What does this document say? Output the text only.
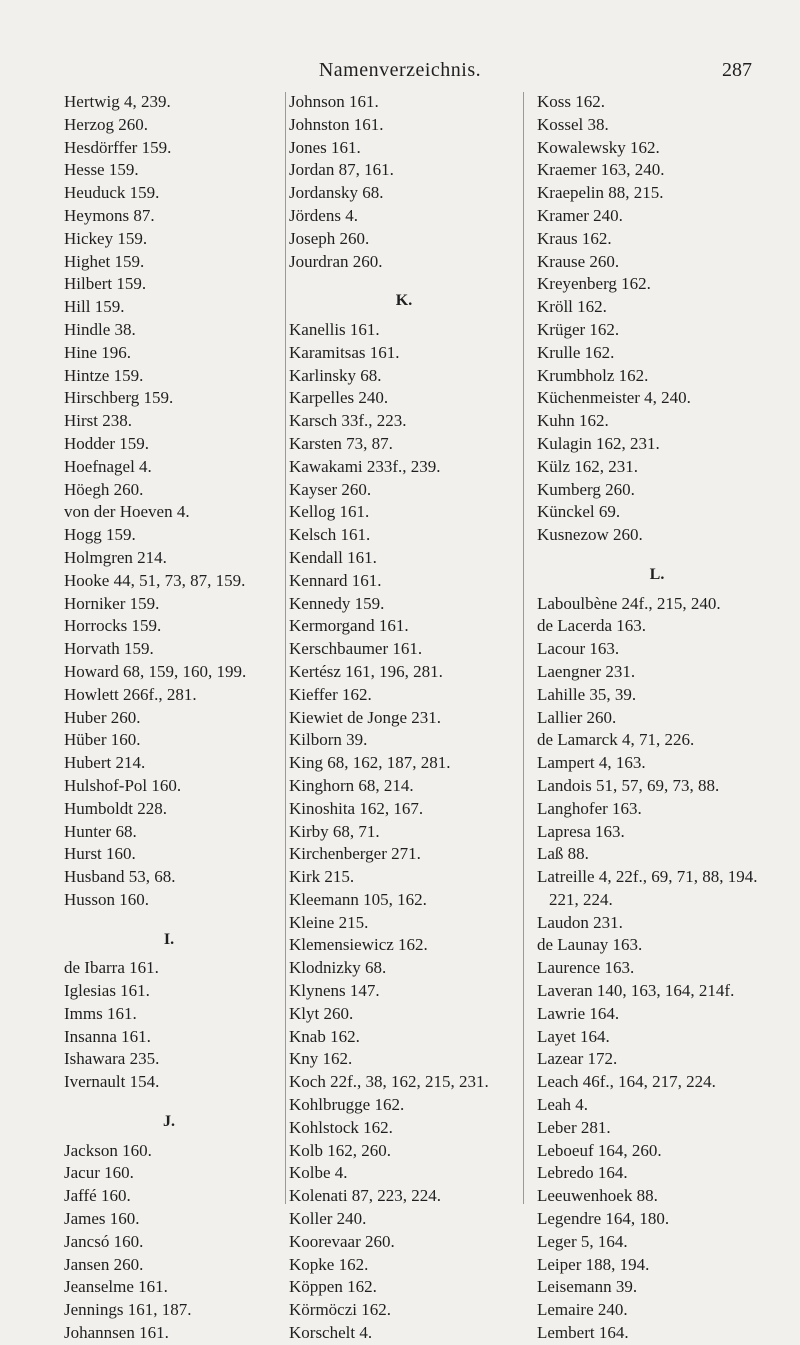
Namenverzeichnis.	287
Hertwig 4, 239.
Herzog 260.
Hesdörffer 159.
Hesse 159.
Heuduck 159.
Heymons 87.
Hickey 159.
Highet 159.
Hilbert 159.
Hill 159.
Hindle 38.
Hine 196.
Hintze 159.
Hirschberg 159.
Hirst 238.
Hodder 159.
Hoefnagel 4.
Höegh 260.
von der Hoeven 4.
Hogg 159.
Holmgren 214.
Hooke 44, 51, 73, 87, 159.
Horniker 159.
Horrocks 159.
Horvath 159.
Howard 68, 159, 160, 199.
Howlett 266f., 281.
Huber 260.
Hüber 160.
Hubert 214.
Hulshof-Pol 160.
Humboldt 228.
Hunter 68.
Hurst 160.
Husband 53, 68.
Husson 160.
I.
de Ibarra 161.
Iglesias 161.
Imms 161.
Insanna 161.
Ishawara 235.
Ivernault 154.
J.
Jackson 160.
Jacur 160.
Jaffé 160.
James 160.
Jancsó 160.
Jansen 260.
Jeanselme 161.
Jennings 161, 187.
Johannsen 161.
Johnson 161.
Johnston 161.
Jones 161.
Jordan 87, 161.
Jordansky 68.
Jördens 4.
Joseph 260.
Jourdran 260.
K.
Kanellis 161.
Karamitsas 161.
Karlinsky 68.
Karpelles 240.
Karsch 33f., 223.
Karsten 73, 87.
Kawakami 233f., 239.
Kayser 260.
Kellog 161.
Kelsch 161.
Kendall 161.
Kennard 161.
Kennedy 159.
Kermorgand 161.
Kerschbaumer 161.
Kertész 161, 196, 281.
Kieffer 162.
Kiewiet de Jonge 231.
Kilborn 39.
King 68, 162, 187, 281.
Kinghorn 68, 214.
Kinoshita 162, 167.
Kirby 68, 71.
Kirchenberger 271.
Kirk 215.
Kleemann 105, 162.
Kleine 215.
Klemensiewicz 162.
Klodnizky 68.
Klynens 147.
Klyt 260.
Knab 162.
Kny 162.
Koch 22f., 38, 162, 215, 231.
Kohlbrugge 162.
Kohlstock 162.
Kolb 162, 260.
Kolbe 4.
Kolenati 87, 223, 224.
Koller 240.
Koorevaar 260.
Kopke 162.
Köppen 162.
Körmöczi 162.
Korschelt 4.
Koss 162.
Kossel 38.
Kowalewsky 162.
Kraemer 163, 240.
Kraepelin 88, 215.
Kramer 240.
Kraus 162.
Krause 260.
Kreyenberg 162.
Kröll 162.
Krüger 162.
Krulle 162.
Krumbholz 162.
Küchenmeister 4, 240.
Kuhn 162.
Kulagin 162, 231.
Külz 162, 231.
Kumberg 260.
Künckel 69.
Kusnezow 260.
L.
Laboulbène 24f., 215, 240.
de Lacerda 163.
Lacour 163.
Laengner 231.
Lahille 35, 39.
Lallier 260.
de Lamarck 4, 71, 226.
Lampert 4, 163.
Landois 51, 57, 69, 73, 88.
Langhofer 163.
Lapresa 163.
Laß 88.
Latreille 4, 22f., 69, 71, 88, 194.
221, 224.
Laudon 231.
de Launay 163.
Laurence 163.
Laveran 140, 163, 164, 214f.
Lawrie 164.
Layet 164.
Lazear 172.
Leach 46f., 164, 217, 224.
Leah 4.
Leber 281.
Leboeuf 164, 260.
Lebredo 164.
Leeuwenhoek 88.
Legendre 164, 180.
Leger 5, 164.
Leiper 188, 194.
Leisemann 39.
Lemaire 240.
Lembert 164.
